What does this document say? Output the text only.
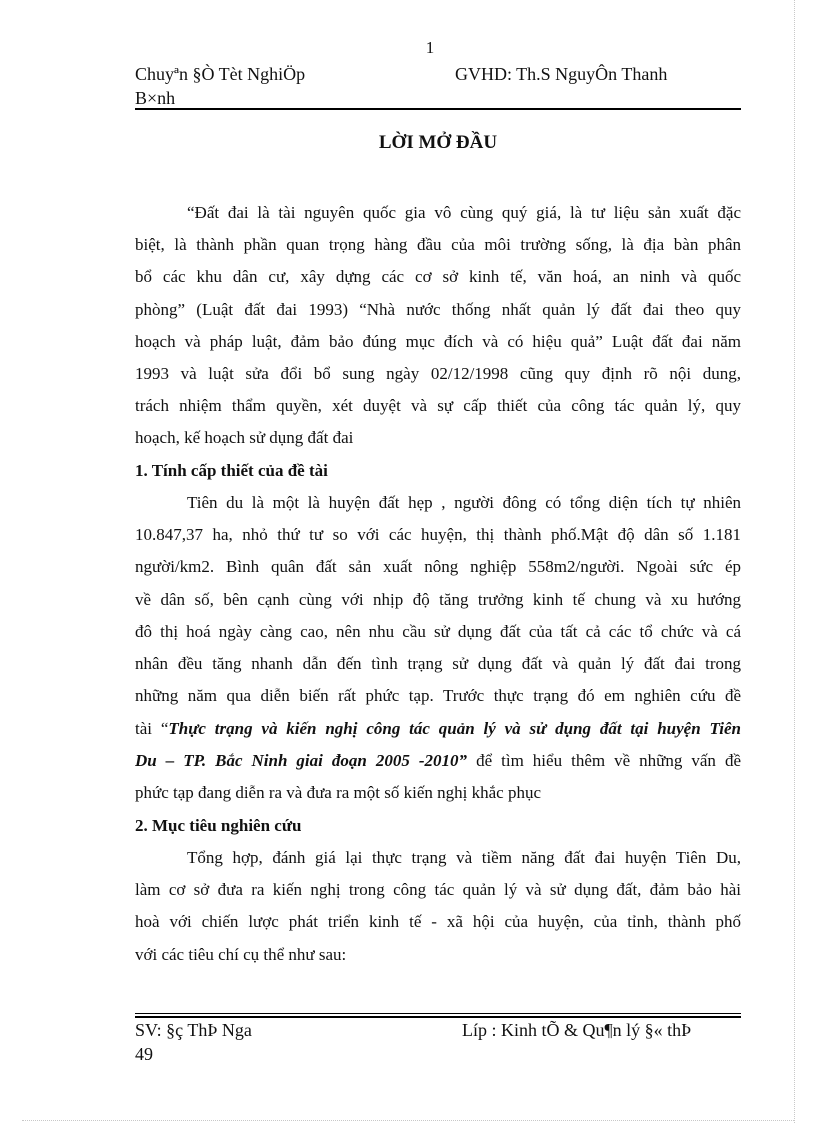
1
Chuyªn §Ò Tèt NghiÖp
B×nh
GVHD: Th.S NguyÔn Thanh
LỜI MỞ ĐẦU
“Đất đai là tài nguyên quốc gia vô cùng quý giá, là tư liệu sản xuất đặc
biệt, là thành phần quan trọng hàng đầu của môi trường sống, là địa bàn phân
bổ các khu dân cư, xây dựng các cơ sở kinh tế, văn hoá, an ninh và quốc
phòng” (Luật đất đai 1993) “Nhà nước thống nhất quản lý đất đai theo quy
hoạch và pháp luật, đảm bảo đúng mục đích và có hiệu quả” Luật đất đai năm
1993 và luật sửa đổi bổ sung ngày 02/12/1998 cũng quy định rõ nội dung,
trách nhiệm thẩm quyền, xét duyệt và sự cấp thiết của công tác quản lý, quy
hoạch, kế hoạch sử dụng đất đai
1. Tính cấp thiết của đề tài
Tiên du là một là huyện đất hẹp , người đông có tổng diện tích tự nhiên
10.847,37 ha, nhỏ thứ tư so với các huyện, thị thành phố.Mật độ dân số 1.181
người/km2. Bình quân đất sản xuất nông nghiệp 558m2/người. Ngoài sức ép
về dân số, bên cạnh cùng với nhịp độ tăng trưởng kinh tế chung và xu hướng
đô thị hoá ngày càng cao, nên nhu cầu sử dụng đất của tất cả các tổ chức và cá
nhân đều tăng nhanh dẫn đến tình trạng sử dụng đất và quản lý đất đai trong
những năm qua diễn biến rất phức tạp. Trước thực trạng đó em nghiên cứu đề
tài “Thực trạng và kiến nghị công tác quản lý và sử dụng đất tại huyện Tiên
Du – TP. Bắc Ninh giai đoạn 2005 -2010” để tìm hiểu thêm về những vấn đề
phức tạp đang diễn ra và đưa ra một số kiến nghị khắc phục
2. Mục tiêu nghiên cứu
Tổng hợp, đánh giá lại thực trạng và tiềm năng đất đai huyện Tiên Du,
làm cơ sở đưa ra kiến nghị trong công tác quản lý và sử dụng đất, đảm bảo hài
hoà với chiến lược phát triển kinh tế - xã hội của huyện, của tỉnh, thành phố
với các tiêu chí cụ thể như sau:
SV: §ç ThÞ Nga
49
Líp : Kinh tÕ & Qu¶n lý §« thÞ
